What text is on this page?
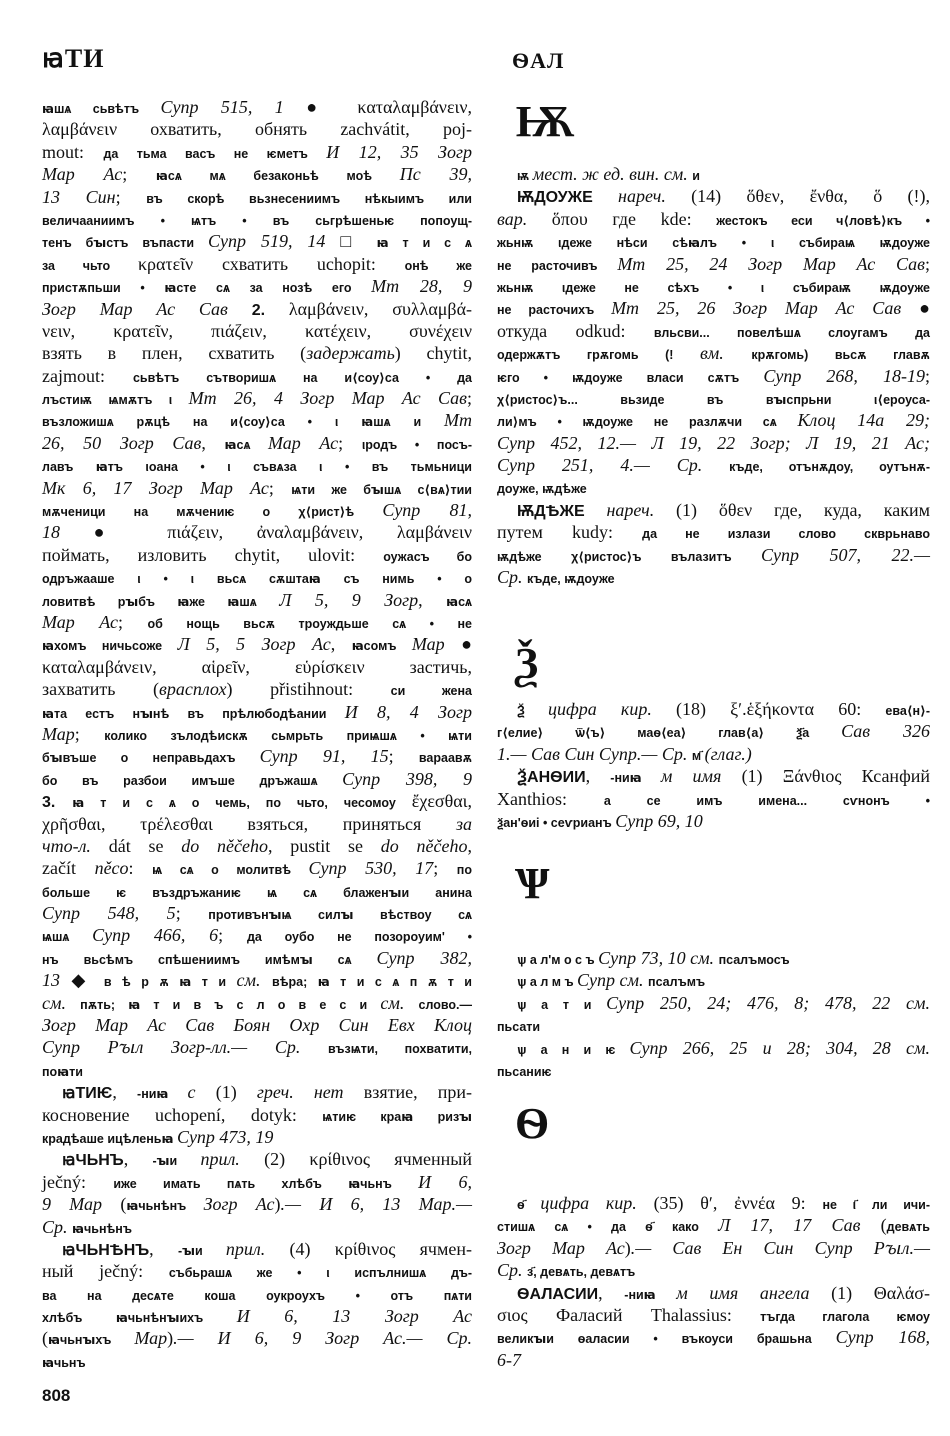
ꙗТИ	ѲАЛ
ꙗшѧ сьвѣтъ Супр 515, 1 ● καταλαμβάνειν,
λαμβάνειν охватить, обнять zachvátit, poj-
mout: да тьма васъ не ѥметъ И 12, 35 Зогр
Мар Ас; ꙗсѧ мѧ безаконьѣ моѣ Пс 39,
13 Син; въ скорѣ вьзнесениимъ нѣкыимъ или
величааниимъ • ѩтъ • въ сьгрѣшеньѥ попоущ-
тенъ бꙑстъ въпасти Супр 519, 14 □ ꙗ т и с ѧ
за чьто κρατεῖν схватить uchopit: онѣ же
пристѫпьши • ꙗсте сѧ за нозѣ его Мт 28, 9
Зогр Мар Ас Сав 2. λαμβάνειν, συλλαμβά-
νειν, κρατεῖν, πιάζειν, κατέχειν, συνέχειν
взять в плен, схватить (задержать) chytit,
zajmout: сьвѣтъ сътворишѧ на и⟨соу⟩са • да
лъстиѭ ѩмѫтъ ι Мт 26, 4 Зогр Мар Ас Сав;
възложишѧ рѫцѣ на и⟨соу⟩са • ι ꙗшѧ и Мт
26, 50 Зогр Сав, ꙗсѧ Мар Ас; ιродъ • посъ-
лавъ ꙗтъ ιоана • ι съвѧза ι • въ тьмьници
Мк 6, 17 Зогр Мар Ас; ѩти же бꙑшѧ с⟨вѧ⟩тии
мѫченици на мѫчениѥ о χ⟨рист⟩ѣ Супр 81,
18 ● πιάζειν, ἀναλαμβάνειν, λαμβάνειν
поймать, изловить chytit, ulovit: оужасъ бо
одръжааше ι • ι вьсѧ сѫштаꙗ съ нимь • о
ловитвѣ рꙑбъ ꙗже ꙗшѧ Л 5, 9 Зогр, ꙗсѧ
Мар Ас; об нощь вьсѫ троуждьше сѧ • не
ꙗхомъ ничьсоже Л 5, 5 Зогр Ас, ꙗсомъ Мар ●
καταλαμβάνειν, αἱρεῖν, εὑρίσκειν застичь,
захватить (врасплох) přistihnout: си жена
ꙗта естъ нꙑнѣ въ прѣлюбодѣании И 8, 4 Зогр
Мар; колико зълодѣискѫ сьмрьть приѩшѧ • ѩти
бꙑвъше о неправьдахъ Супр 91, 15; вараавѫ
бо въ разбои имъше дръжашѧ Супр 398, 9
3. ꙗ т и с ѧ о чемь, по чьто, чесомоу ἔχεσθαι,
χρῆσθαι, τρέλεσθαι взяться, приняться за
что-л. dát se do něčeho, pustit se do něčeho,
začít něco: ѩ сѧ о молитвѣ Супр 530, 17; по
больше ѥ въздръжаниѥ ѩ сѧ блаженꙑи анина
Супр 548, 5; противънꙑѩ силꙑ вѣствоу сѧ
ѩшѧ Супр 466, 6; да оубо не позороуим' •
нъ вьсѣмъ спѣшениимъ имѣмꙑ сѧ Супр 382,
13 ◆ в ѣ р ѫ ꙗ т и см. вѣра; ꙗ т и с ѧ п ѫ т и
см. пѫть; ꙗ т и в ъ с л о в е с и см. слово.—
Зогр Мар Ас Сав Боян Охр Син Евх Клоц
Супр Рꙑл Зогр-лл.— Ср. възѩти, похватити,
поꙗти
ꙗТИѤ, -ниꙗ с (1) греч. нет взятие, при-
косновение uchopení, dotyk: ѩтиѥ краꙗ ризꙑ
крадѣаше ицѣленьꙗ Супр 473, 19
ꙗЧЬНЪ, -ꙑи прил. (2) κρίθινος ячменный
ječný: иже имать пѧть хлѣбъ ꙗчьнъ И 6,
9 Мар (ꙗчьнѣнъ Зогр Ас).— И 6, 13 Мар.—
Ср. ꙗчьнѣнъ
ꙗЧЬНѢНЪ, -ꙑи прил. (4) κρίθινος ячмен-
ный ječný: събьрашѧ же • ι испълнишѧ дъ-
ва на десѧте коша оукроухъ • отъ пѧти
хлѣбъ ꙗчьнѣнꙑихъ И 6, 13 Зогр Ас
(ꙗчьнꙑхъ Мар).— И 6, 9 Зогр Ас.— Ср.
ꙗчьнъ
Ѭ
ѭ мест. ж ед. вин. см. и
ѬДОУЖЕ нареч. (14) ὅθεν, ἔνθα, ὅ (!),
вар. ὅπου где kde: жестокъ еси ч⟨ловѣ⟩къ •
жьнѭ ιдеже нѣси сѣꙗлъ • ι събираѩ ѭдоуже
не расточивъ Мт 25, 24 Зогр Мар Ас Сав;
жьнѭ ιдеже не сѣхъ • ι събираѭ ѭдоуже
не расточихъ Мт 25, 26 Зогр Мар Ас Сав ●
откуда odkud: вльсви... повелѣшѧ слоугамъ да
одержѫтъ грѫгомь (! вм. крѫгомь) вьсѫ главѫ
ѥго • ѭдоуже власи сѫтъ Супр 268, 18-19;
χ⟨ристос⟩ъ... вьзиде въ вꙑспрьни ι⟨ероуса-
ли⟩мъ • ѭдоуже не разлѫчи сѧ Клоц 14а 29;
Супр 452, 12.— Л 19, 22 Зогр; Л 19, 21 Ас;
Супр 251, 4.— Ср. къде, отънѫдоу, оутънѫ-
доуже, ѭдѣже
ѬДѢЖЕ нареч. (1) ὅθεν где, куда, каким
путем kudy: да не излази слово скврьнаво
ѭдѣже χ⟨ристос⟩ъ вълазитъ Супр 507, 22.—
Ср. къде, ѭдоуже
Ѯ
Ѯ цифра кир. (18) ξʹ.ἑξήκοντα 60: ева⟨н⟩-
г⟨елие⟩ ѿ⟨ъ⟩ маѳ⟨еа⟩ глав⟨а⟩ ѯ҃а Сав 326
1.— Сав Син Супр.— Ср. м҃ (глаг.)
ѮАНѲИИ, -ниꙗ м имя (1) Ξάνθιος Ксанфий
Xanthios: а се имъ имена... сѵнонъ •
ѯан'ѳиі • сеѵрианъ Супр 69, 10
Ѱ
ѱ а л'м о с ъ Супр 73, 10 см. псалъмосъ
ѱ а л м ъ Супр см. псалъмъ
ѱ а т и Супр 250, 24; 476, 8; 478, 22 см.
пьсати
ѱ а н и ѥ Супр 266, 25 и 28; 304, 28 см.
пьсаниѥ
Ѳ
ѳ҃ цифра кир. (35) θʹ, ἐννέα 9: не ι҃ ли ичи-
стишѧ сѧ • да ѳ҃ како Л 17, 17 Сав (девѧть
Зогр Мар Ас).— Сав Ен Син Супр Рꙑл.—
Ср. з҃, девѧть, девѧтъ
ѲАЛАСИИ, -ниꙗ м имя ангела (1) Θαλάσ-
σιος Фаласий Thalassius: тъгда глагола ѥмоу
великꙑи ѳаласии • въкоуси брашьна Супр 168,
6-7
808
